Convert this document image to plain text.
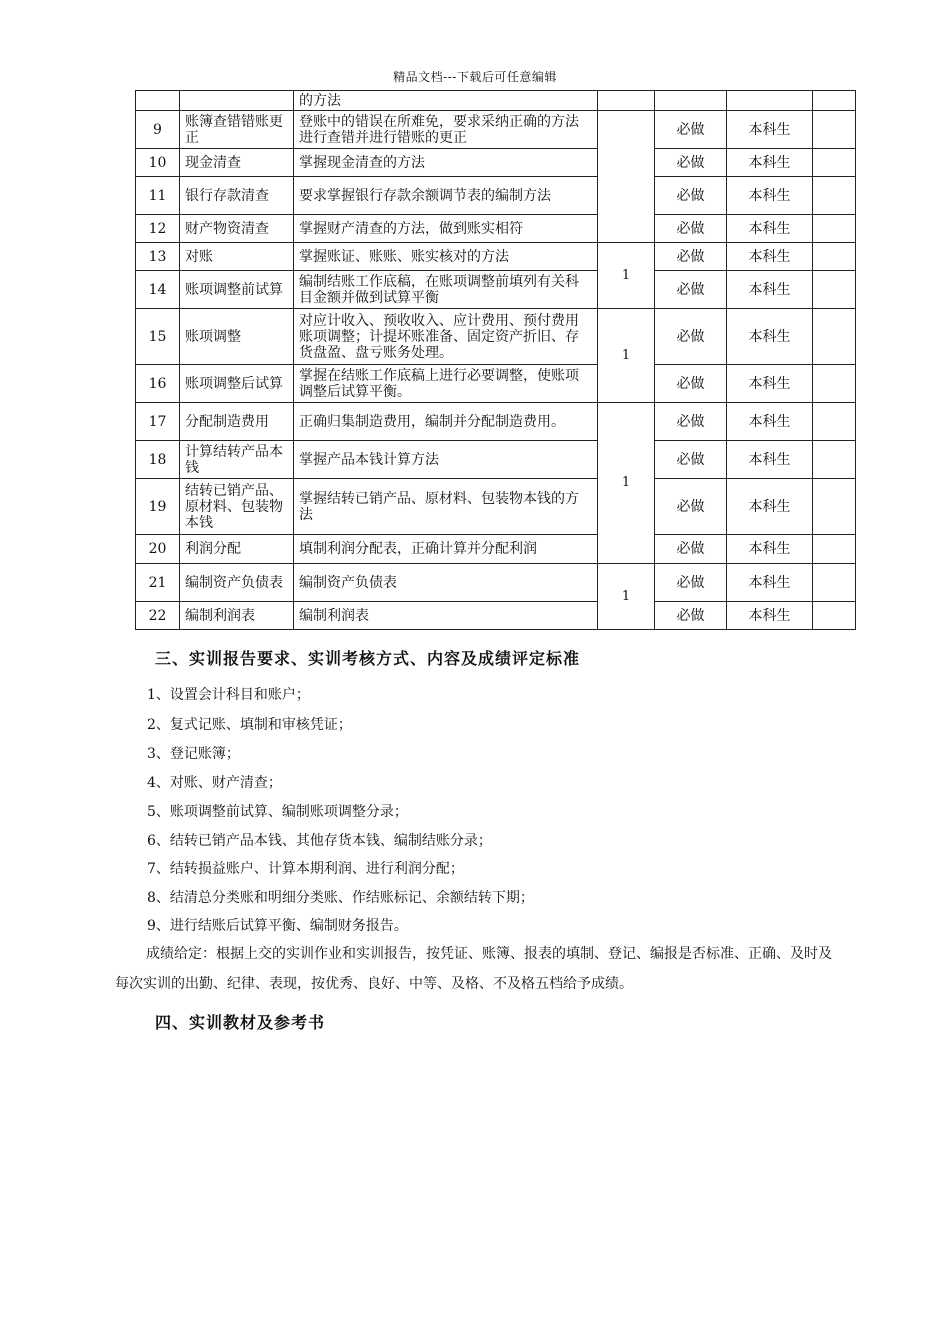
精品文档---下载后可任意编辑
		的方法				
9	账簿查错错账更正	登账中的错误在所难免，要求采纳正确的方法进行查错并进行错账的更正		必做	本科生	
10	现金清查	掌握现金清查的方法		必做	本科生	
11	银行存款清查	要求掌握银行存款余额调节表的编制方法		必做	本科生	
12	财产物资清查	掌握财产清查的方法，做到账实相符		必做	本科生	
13	对账	掌握账证、账账、账实核对的方法	1	必做	本科生	
14	账项调整前试算	编制结账工作底稿，在账项调整前填列有关科目金额并做到试算平衡		必做	本科生	
15	账项调整	对应计收入、预收收入、应计费用、预付费用账项调整；计提坏账准备、固定资产折旧、存货盘盈、盘亏账务处理。	1	必做	本科生	
16	账项调整后试算	掌握在结账工作底稿上进行必要调整，使账项调整后试算平衡。		必做	本科生	
17	分配制造费用	正确归集制造费用，编制并分配制造费用。	1	必做	本科生	
18	计算结转产品本钱	掌握产品本钱计算方法		必做	本科生	
19	结转已销产品、原材料、包装物本钱	掌握结转已销产品、原材料、包装物本钱的方法		必做	本科生	
20	利润分配	填制利润分配表，正确计算并分配利润		必做	本科生	
21	编制资产负债表	编制资产负债表	1	必做	本科生	
22	编制利润表	编制利润表		必做	本科生	
三、实训报告要求、实训考核方式、内容及成绩评定标准
1、设置会计科目和账户；
2、复式记账、填制和审核凭证；
3、登记账簿；
4、对账、财产清查；
5、账项调整前试算、编制账项调整分录；
6、结转已销产品本钱、其他存货本钱、编制结账分录；
7、结转损益账户、计算本期利润、进行利润分配；
8、结清总分类账和明细分类账、作结账标记、余额结转下期；
9、进行结账后试算平衡、编制财务报告。
成绩给定：根据上交的实训作业和实训报告，按凭证、账簿、报表的填制、登记、编报是否标准、正确、及时及每次实训的出勤、纪律、表现，按优秀、良好、中等、及格、不及格五档给予成绩。
四、实训教材及参考书
